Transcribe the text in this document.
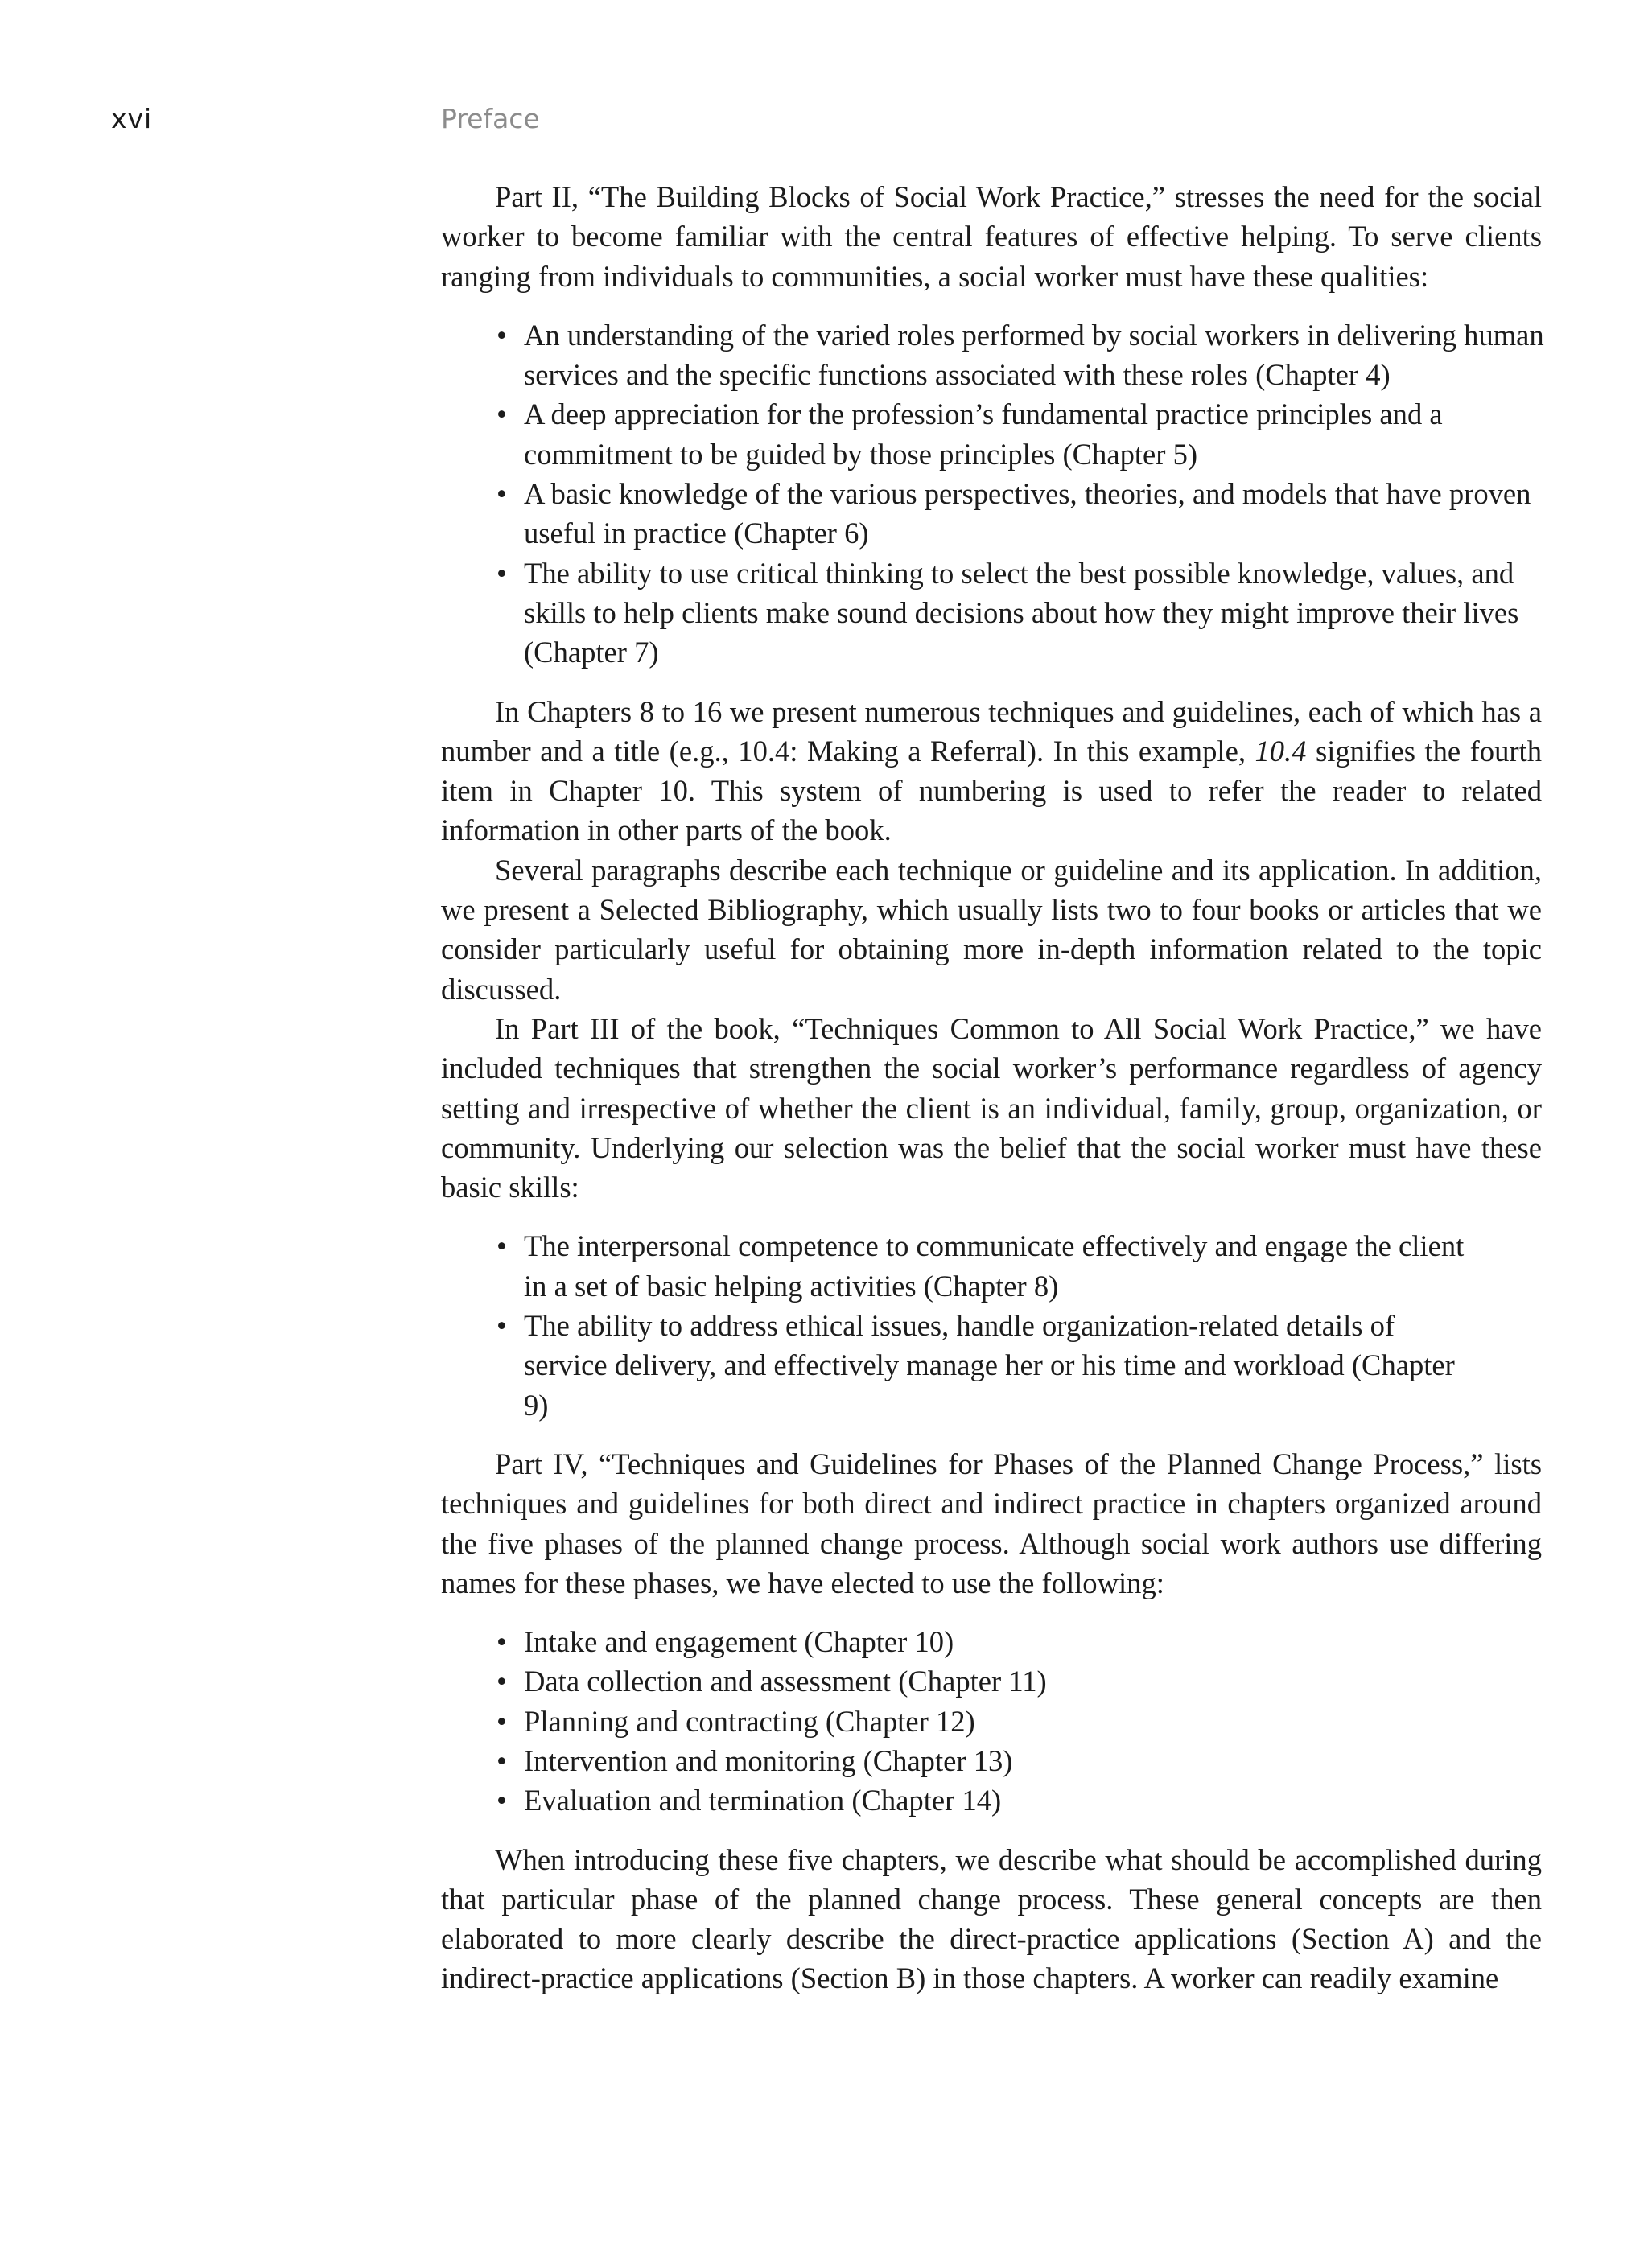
xvi	Preface

Part II, “The Building Blocks of Social Work Practice,” stresses the need for the social worker to become familiar with the central features of effective helping. To serve clients ranging from individuals to communities, a social worker must have these qualities:

• An understanding of the varied roles performed by social workers in delivering human services and the specific functions associated with these roles (Chapter 4)
• A deep appreciation for the profession’s fundamental practice principles and a commitment to be guided by those principles (Chapter 5)
• A basic knowledge of the various perspectives, theories, and models that have proven useful in practice (Chapter 6)
• The ability to use critical thinking to select the best possible knowledge, values, and skills to help clients make sound decisions about how they might improve their lives (Chapter 7)

In Chapters 8 to 16 we present numerous techniques and guidelines, each of which has a number and a title (e.g., 10.4: Making a Referral). In this example, 10.4 signifies the fourth item in Chapter 10. This system of numbering is used to refer the reader to related information in other parts of the book.

Several paragraphs describe each technique or guideline and its application. In addition, we present a Selected Bibliography, which usually lists two to four books or articles that we consider particularly useful for obtaining more in-depth information related to the topic discussed.

In Part III of the book, “Techniques Common to All Social Work Practice,” we have included techniques that strengthen the social worker’s performance regardless of agency setting and irrespective of whether the client is an individual, family, group, organization, or community. Underlying our selection was the belief that the social worker must have these basic skills:

• The interpersonal competence to communicate effectively and engage the client in a set of basic helping activities (Chapter 8)
• The ability to address ethical issues, handle organization-related details of service delivery, and effectively manage her or his time and workload (Chapter 9)

Part IV, “Techniques and Guidelines for Phases of the Planned Change Process,” lists techniques and guidelines for both direct and indirect practice in chapters organized around the five phases of the planned change process. Although social work authors use differing names for these phases, we have elected to use the following:

• Intake and engagement (Chapter 10)
• Data collection and assessment (Chapter 11)
• Planning and contracting (Chapter 12)
• Intervention and monitoring (Chapter 13)
• Evaluation and termination (Chapter 14)

When introducing these five chapters, we describe what should be accomplished during that particular phase of the planned change process. These general concepts are then elaborated to more clearly describe the direct-practice applications (Section A) and the indirect-practice applications (Section B) in those chapters. A worker can readily examine
